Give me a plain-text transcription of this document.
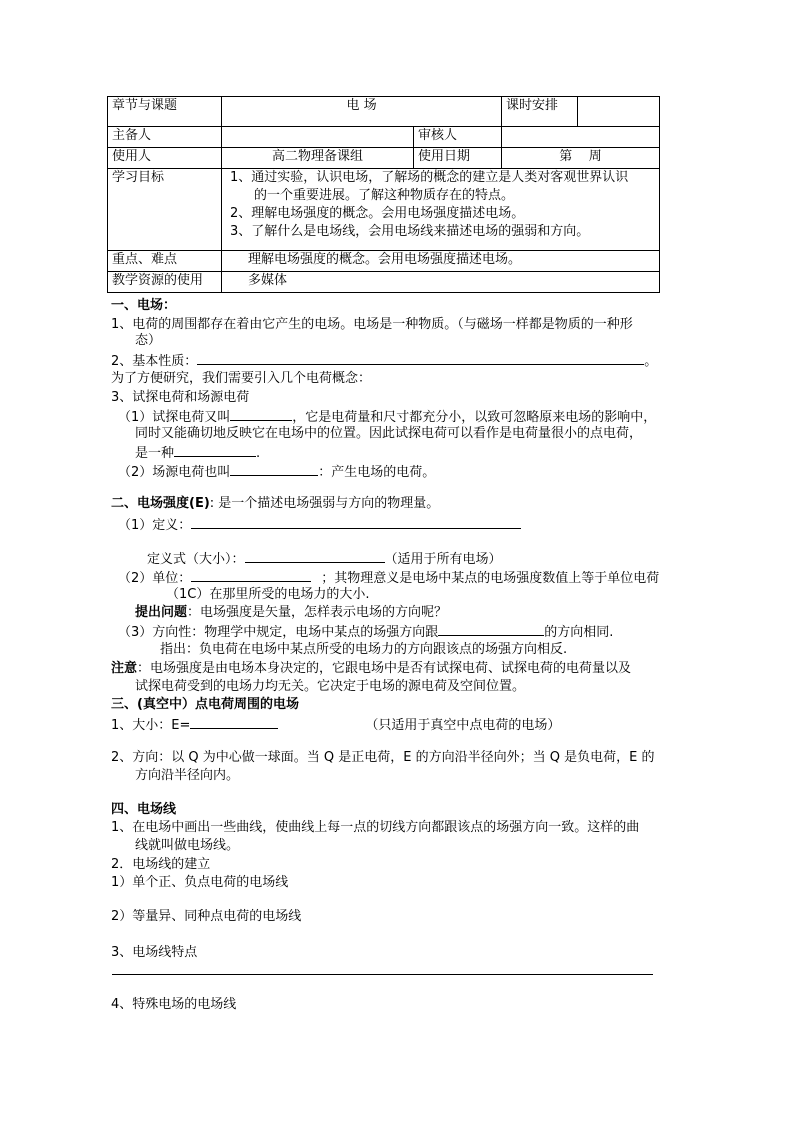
章节与课题	电 场		课时安排	
主备人		审核人		
使用人	高二物理备课组	使用日期	第    周	
学习目标	1、通过实验，认识电场，了解场的概念的建立是人类对客观世界认识
的一个重要进展。了解这种物质存在的特点。
2、理解电场强度的概念。会用电场强度描述电场。
3、了解什么是电场线，会用电场线来描述电场的强弱和方向。			

重点、难点	理解电场强度的概念。会用电场强度描述电场。			
教学资源的使用	多媒体			
一、电场：
1、电荷的周围都存在着由它产生的电场。电场是一种物质。（与磁场一样都是物质的一种形
态）
2、基本性质：	。
为了方便研究，我们需要引入几个电荷概念：
3、试探电荷和场源电荷
（1）试探电荷又叫	，它是电荷量和尺寸都充分小，以致可忽略原来电场的影响中，
同时又能确切地反映它在电场中的位置。因此试探电荷可以看作是电荷量很小的点电荷，
是一种	.
（2）场源电荷也叫	：产生电场的电荷。
二、电场强度(E): 是一个描述电场强弱与方向的物理量。
（1）定义：
定义式（大小）：	（适用于所有电场）
（2）单位：	；其物理意义是电场中某点的电场强度数值上等于单位电荷
（1C）在那里所受的电场力的大小.
提出问题：电场强度是矢量，怎样表示电场的方向呢？
（3）方向性：物理学中规定，电场中某点的场强方向跟	的方向相同.
指出：负电荷在电场中某点所受的电场力的方向跟该点的场强方向相反.
注意：电场强度是由电场本身决定的，它跟电场中是否有试探电荷、试探电荷的电荷量以及
试探电荷受到的电场力均无关。它决定于电场的源电荷及空间位置。
三、(真空中）点电荷周围的电场
1、大小：E=	（只适用于真空中点电荷的电场）
2、方向：以 Q 为中心做一球面。当 Q 是正电荷，E 的方向沿半径向外；当 Q 是负电荷，E 的
方向沿半径向内。
四、电场线
1、在电场中画出一些曲线，使曲线上每一点的切线方向都跟该点的场强方向一致。这样的曲
线就叫做电场线。
2．电场线的建立
1）单个正、负点电荷的电场线
2）等量异、同种点电荷的电场线
3、电场线特点
4、特殊电场的电场线
